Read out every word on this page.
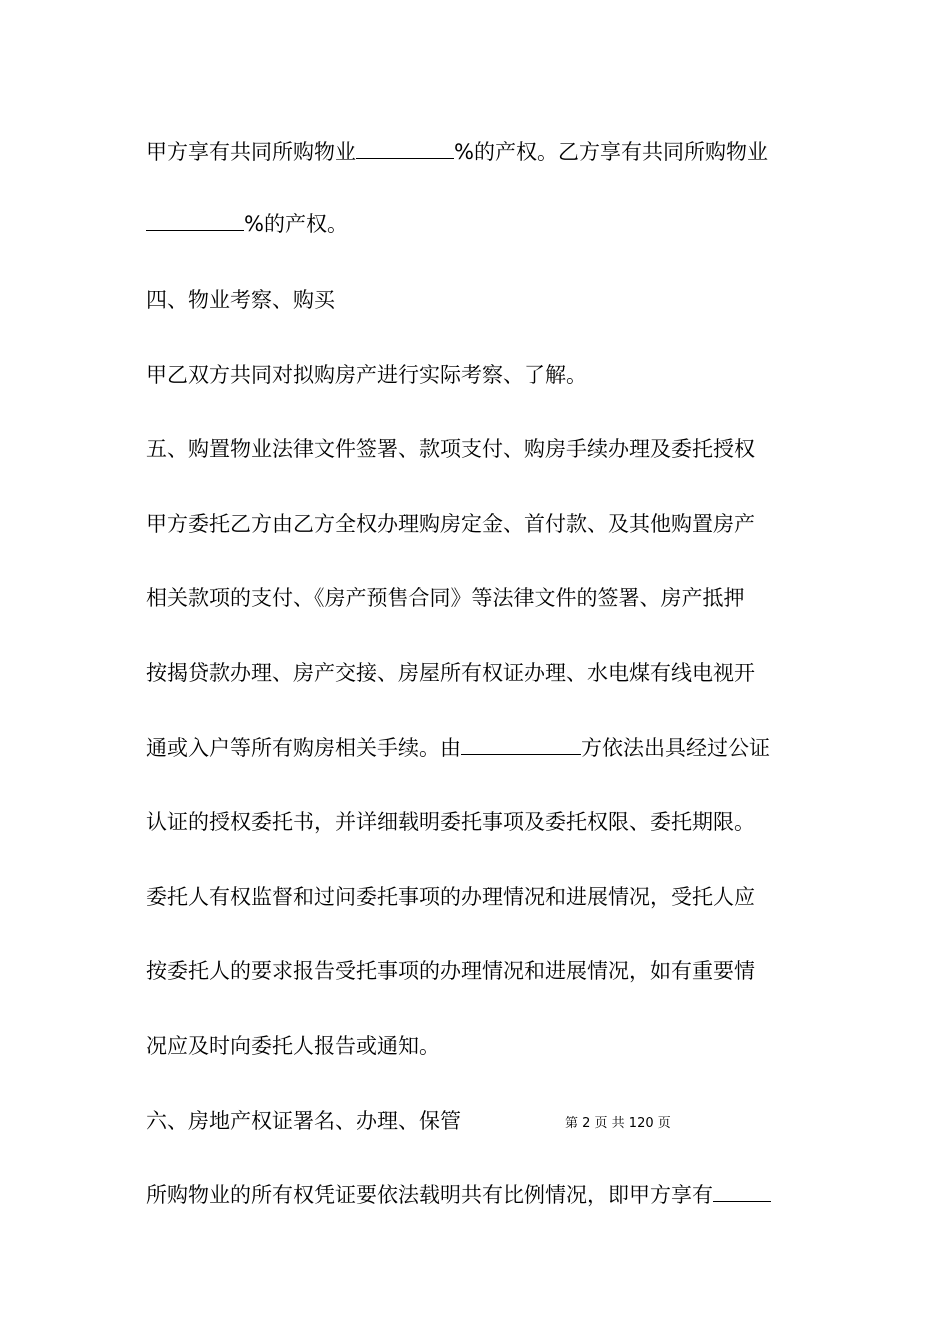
甲方享有共同所购物业	%的产权。乙方享有共同所购物业
%的产权。
四、物业考察、购买
甲乙双方共同对拟购房产进行实际考察、了解。
五、购置物业法律文件签署、款项支付、购房手续办理及委托授权
甲方委托乙方由乙方全权办理购房定金、首付款、及其他购置房产
相关款项的支付、《房产预售合同》等法律文件的签署、房产抵押
按揭贷款办理、房产交接、房屋所有权证办理、水电煤有线电视开
通或入户等所有购房相关手续。由	方依法出具经过公证
认证的授权委托书，并详细载明委托事项及委托权限、委托期限。
委托人有权监督和过问委托事项的办理情况和进展情况，受托人应
按委托人的要求报告受托事项的办理情况和进展情况，如有重要情
况应及时向委托人报告或通知。
六、房地产权证署名、办理、保管	第 2 页 共 120 页
所购物业的所有权凭证要依法载明共有比例情况，即甲方享有
